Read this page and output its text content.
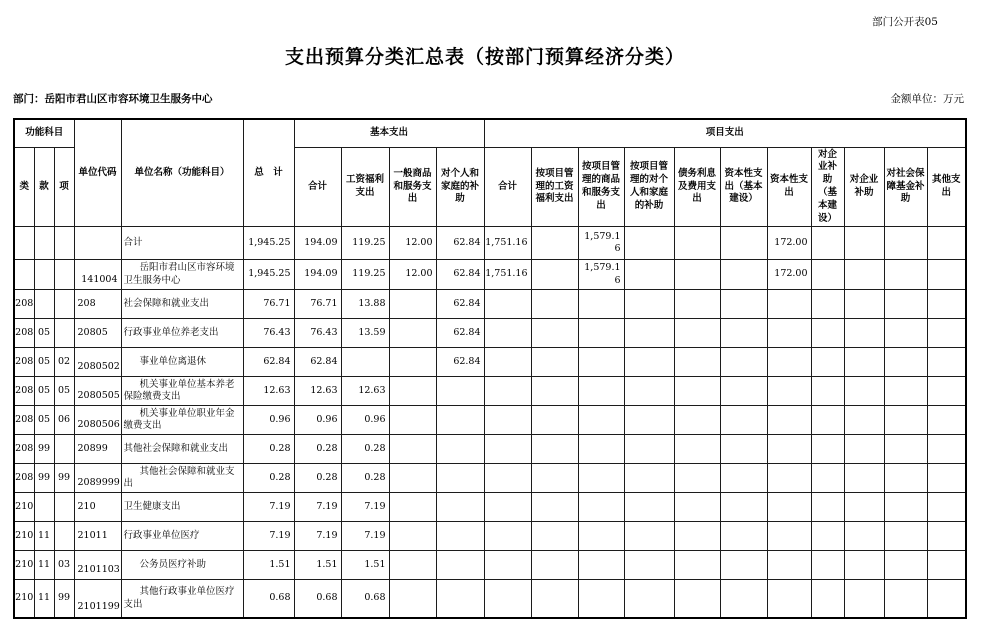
部门公开表05
支出预算分类汇总表（按部门预算经济分类）
部门：岳阳市君山区市容环境卫生服务中心	金额单位：万元
功能科目			单位代码	单位名称（功能科目）	总　计	基本支出				项目支出										
类	款	项				合计	工资福利支出	一般商品和服务支出	对个人和家庭的补助	合计	按项目管理的工资福利支出	按项目管理的商品和服务支出	按项目管理的对个人和家庭的补助	债务利息及费用支出	资本性支出（基本建设）	资本性支出	对企业补助（基本建设）	对企业补助	对社会保障基金补助	其他支出
				合计	1,945.25	194.09	119.25	12.00	62.84	1,751.16		1,579.16				172.00				
			141004	岳阳市君山区市容环境卫生服务中心	1,945.25	194.09	119.25	12.00	62.84	1,751.16		1,579.16				172.00				
208			208	社会保障和就业支出	76.71	76.71	13.88		62.84											
208	05		20805	行政事业单位养老支出	76.43	76.43	13.59		62.84											
208	05	02	2080502	事业单位离退休	62.84	62.84			62.84											
208	05	05	2080505	机关事业单位基本养老保险缴费支出	12.63	12.63	12.63													
208	05	06	2080506	机关事业单位职业年金缴费支出	0.96	0.96	0.96													
208	99		20899	其他社会保障和就业支出	0.28	0.28	0.28													
208	99	99	2089999	其他社会保障和就业支出	0.28	0.28	0.28													
210			210	卫生健康支出	7.19	7.19	7.19													
210	11		21011	行政事业单位医疗	7.19	7.19	7.19													
210	11	03	2101103	公务员医疗补助	1.51	1.51	1.51													
210	11	99	2101199	其他行政事业单位医疗支出	0.68	0.68	0.68													
